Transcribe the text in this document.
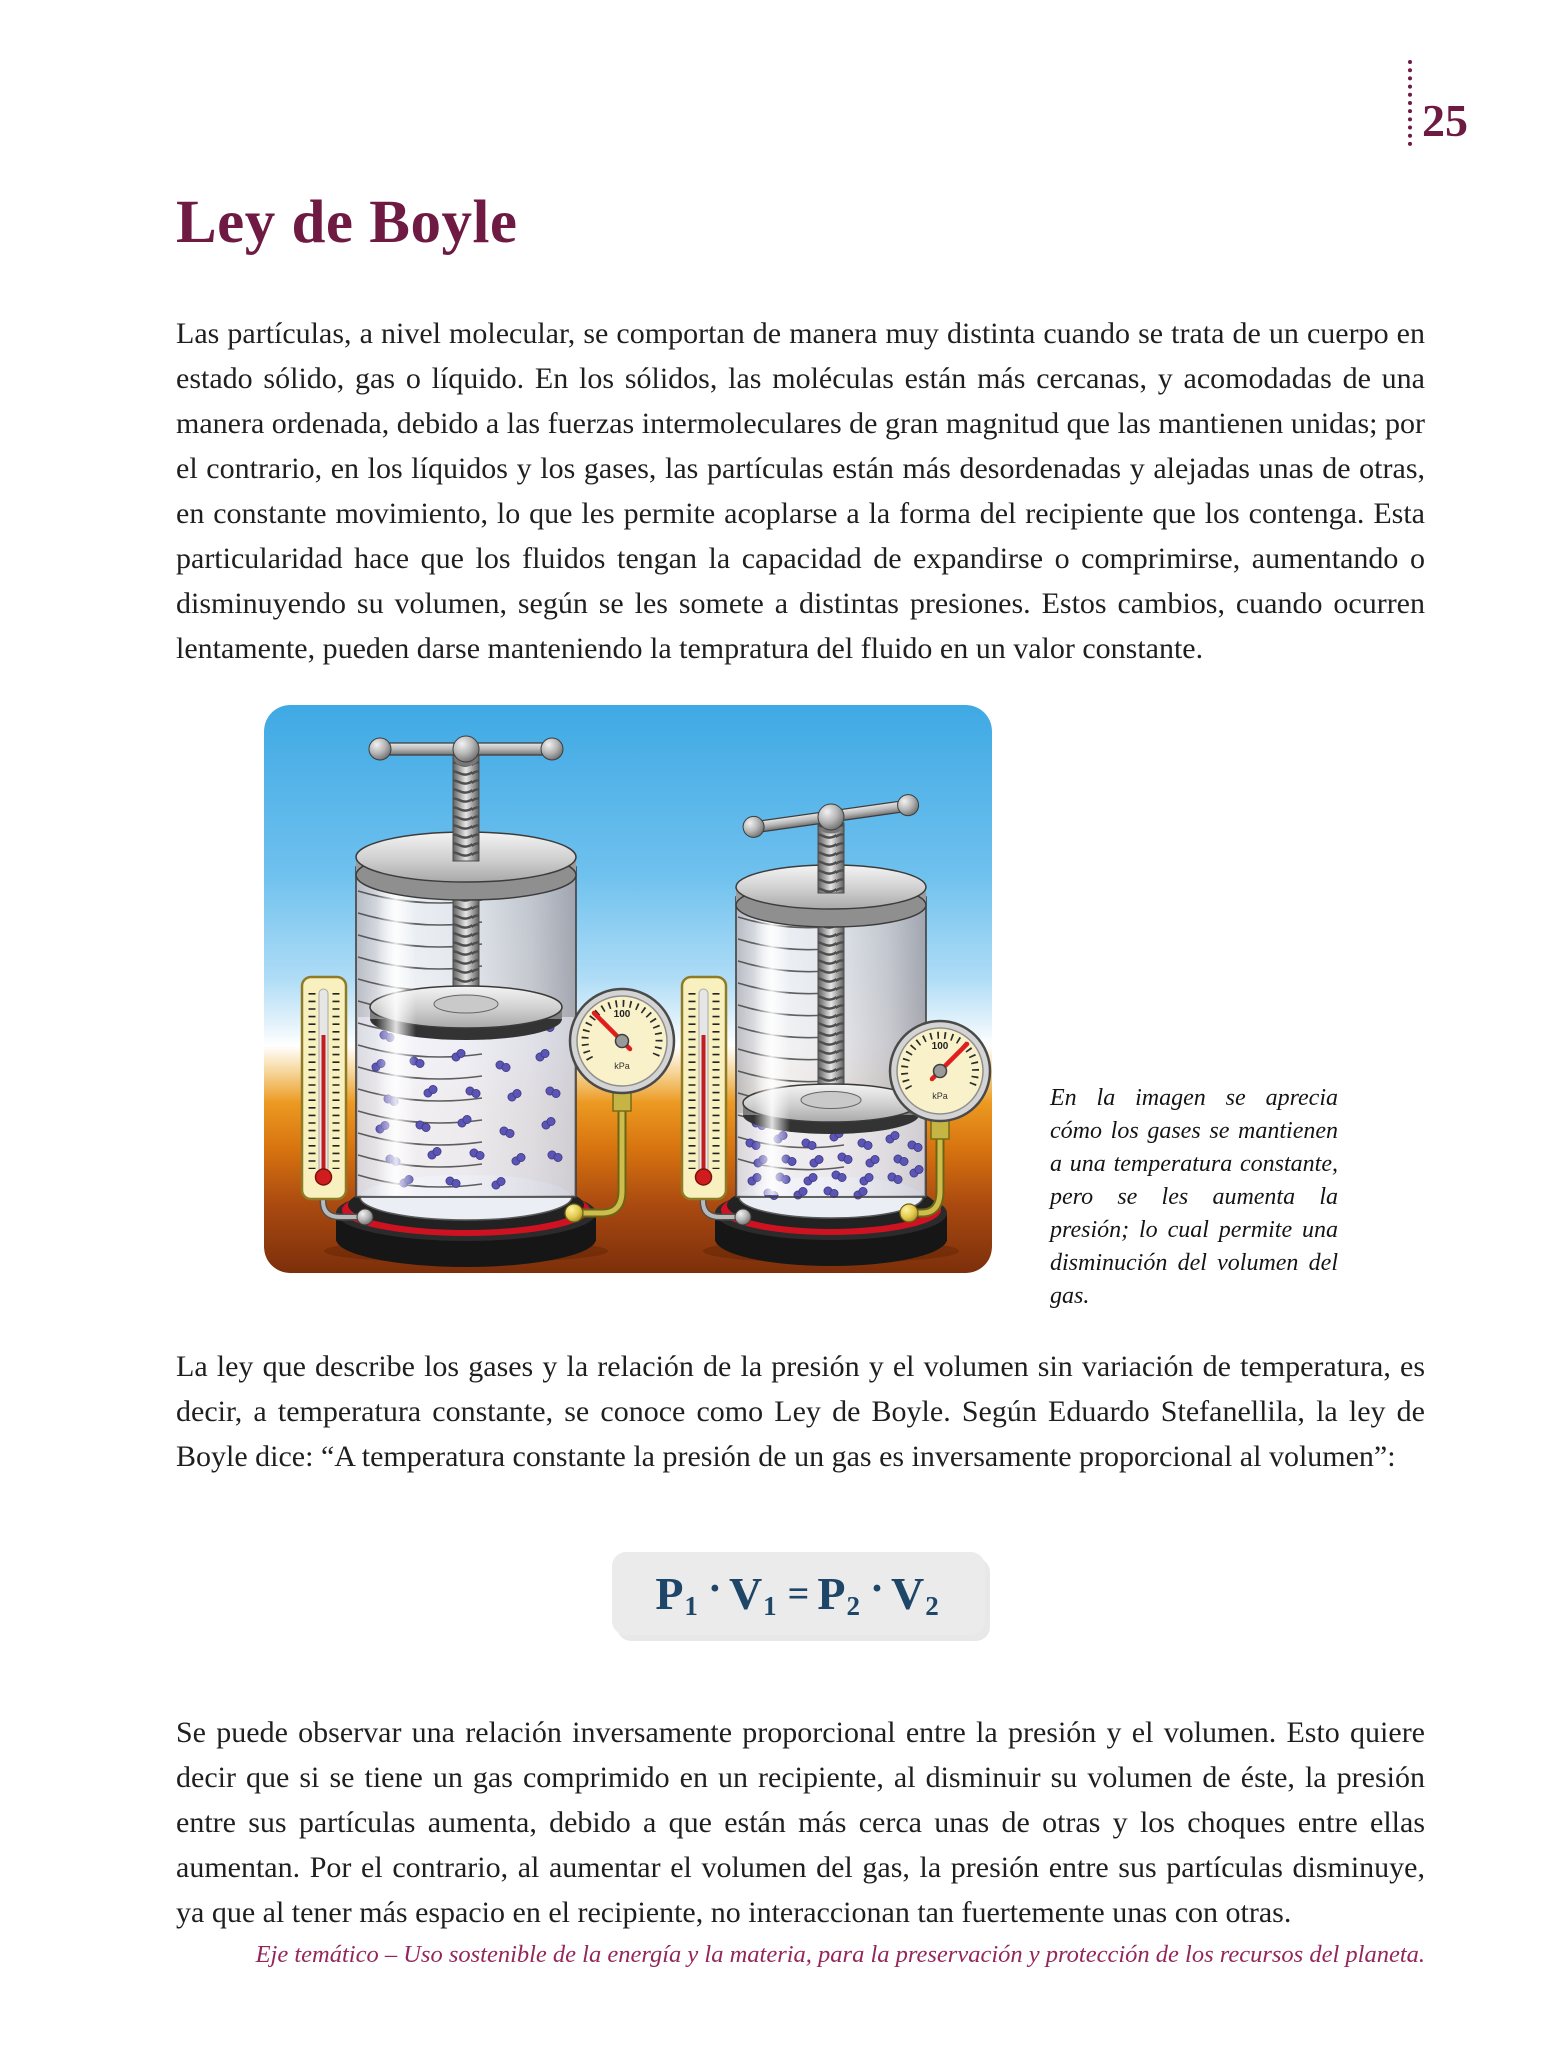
25
Ley de Boyle

Las partículas, a nivel molecular, se comportan de manera muy distinta cuando se trata de un cuerpo en estado sólido, gas o líquido. En los sólidos, las moléculas están más cercanas, y acomodadas de una manera ordenada, debido a las fuerzas intermoleculares de gran magnitud que las mantienen unidas; por el contrario, en los líquidos y los gases, las partículas están más desordenadas y alejadas unas de otras, en constante movimiento, lo que les permite acoplarse a la forma del recipiente que los contenga. Esta particularidad hace que los fluidos tengan la capacidad de expandirse o comprimirse, aumentando o disminuyendo su volumen, según se les somete a distintas presiones. Estos cambios, cuando ocurren lentamente, pueden darse manteniendo la tempratura del fluido en un valor constante.

100
kPa
100
kPa	En la imagen se aprecia cómo los gases se mantienen a una temperatura constante, pero se les aumenta la presión; lo cual permite una disminución del volumen del gas.

La ley que describe los gases y la relación de la presión y el volumen sin variación de temperatura, es decir, a temperatura constante, se conoce como Ley de Boyle. Según Eduardo Stefanellila, la ley de Boyle dice: “A temperatura constante la presión de un gas es inversamente proporcional al volumen”:

P 1 · V 1 = P 2 · V 2

Se puede observar una relación inversamente proporcional entre la presión y el volumen. Esto quiere decir que si se tiene un gas comprimido en un recipiente, al disminuir su volumen de éste, la presión entre sus partículas aumenta, debido a que están más cerca unas de otras y los choques entre ellas aumentan. Por el contrario, al aumentar el volumen del gas, la presión entre sus partículas disminuye, ya que al tener más espacio en el recipiente, no interaccionan tan fuertemente unas con otras.

Eje temático – Uso sostenible de la energía y la materia, para la preservación y protección de los recursos del planeta.
